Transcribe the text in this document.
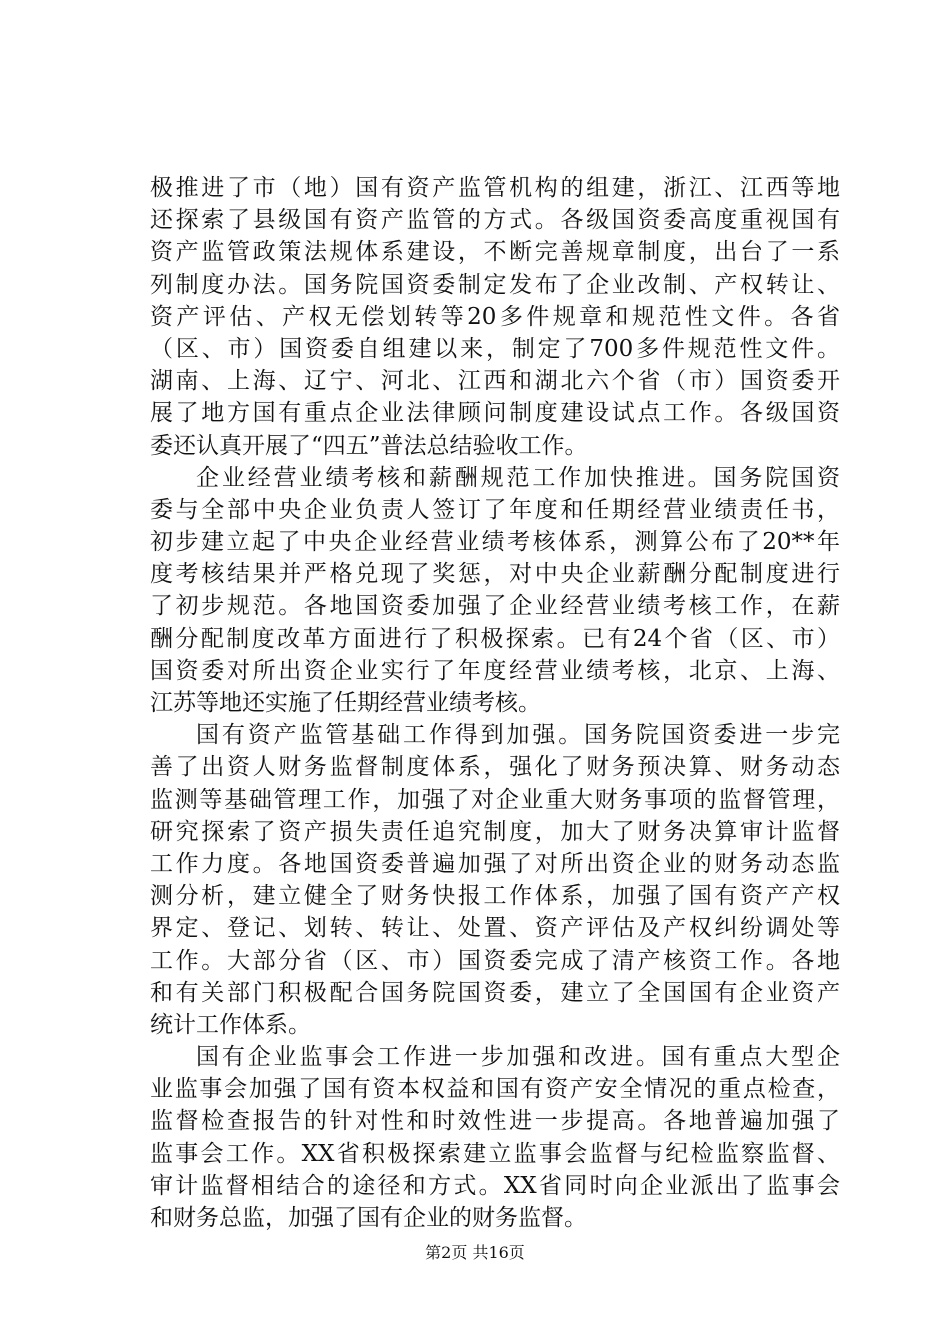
极推进了市（地）国有资产监管机构的组建，浙江、江西等地
还探索了县级国有资产监管的方式。各级国资委高度重视国有
资产监管政策法规体系建设，不断完善规章制度，出台了一系
列制度办法。国务院国资委制定发布了企业改制、产权转让、
资产评估、产权无偿划转等20多件规章和规范性文件。各省
（区、市）国资委自组建以来，制定了700多件规范性文件。
湖南、上海、辽宁、河北、江西和湖北六个省（市）国资委开
展了地方国有重点企业法律顾问制度建设试点工作。各级国资
委还认真开展了“四五”普法总结验收工作。
企业经营业绩考核和薪酬规范工作加快推进。国务院国资
委与全部中央企业负责人签订了年度和任期经营业绩责任书，
初步建立起了中央企业经营业绩考核体系，测算公布了20**年
度考核结果并严格兑现了奖惩，对中央企业薪酬分配制度进行
了初步规范。各地国资委加强了企业经营业绩考核工作，在薪
酬分配制度改革方面进行了积极探索。已有24个省（区、市）
国资委对所出资企业实行了年度经营业绩考核，北京、上海、
江苏等地还实施了任期经营业绩考核。
国有资产监管基础工作得到加强。国务院国资委进一步完
善了出资人财务监督制度体系，强化了财务预决算、财务动态
监测等基础管理工作，加强了对企业重大财务事项的监督管理，
研究探索了资产损失责任追究制度，加大了财务决算审计监督
工作力度。各地国资委普遍加强了对所出资企业的财务动态监
测分析，建立健全了财务快报工作体系，加强了国有资产产权
界定、登记、划转、转让、处置、资产评估及产权纠纷调处等
工作。大部分省（区、市）国资委完成了清产核资工作。各地
和有关部门积极配合国务院国资委，建立了全国国有企业资产
统计工作体系。
国有企业监事会工作进一步加强和改进。国有重点大型企
业监事会加强了国有资本权益和国有资产安全情况的重点检查，
监督检查报告的针对性和时效性进一步提高。各地普遍加强了
监事会工作。XX省积极探索建立监事会监督与纪检监察监督、
审计监督相结合的途径和方式。XX省同时向企业派出了监事会
和财务总监，加强了国有企业的财务监督。
第2页 共16页
